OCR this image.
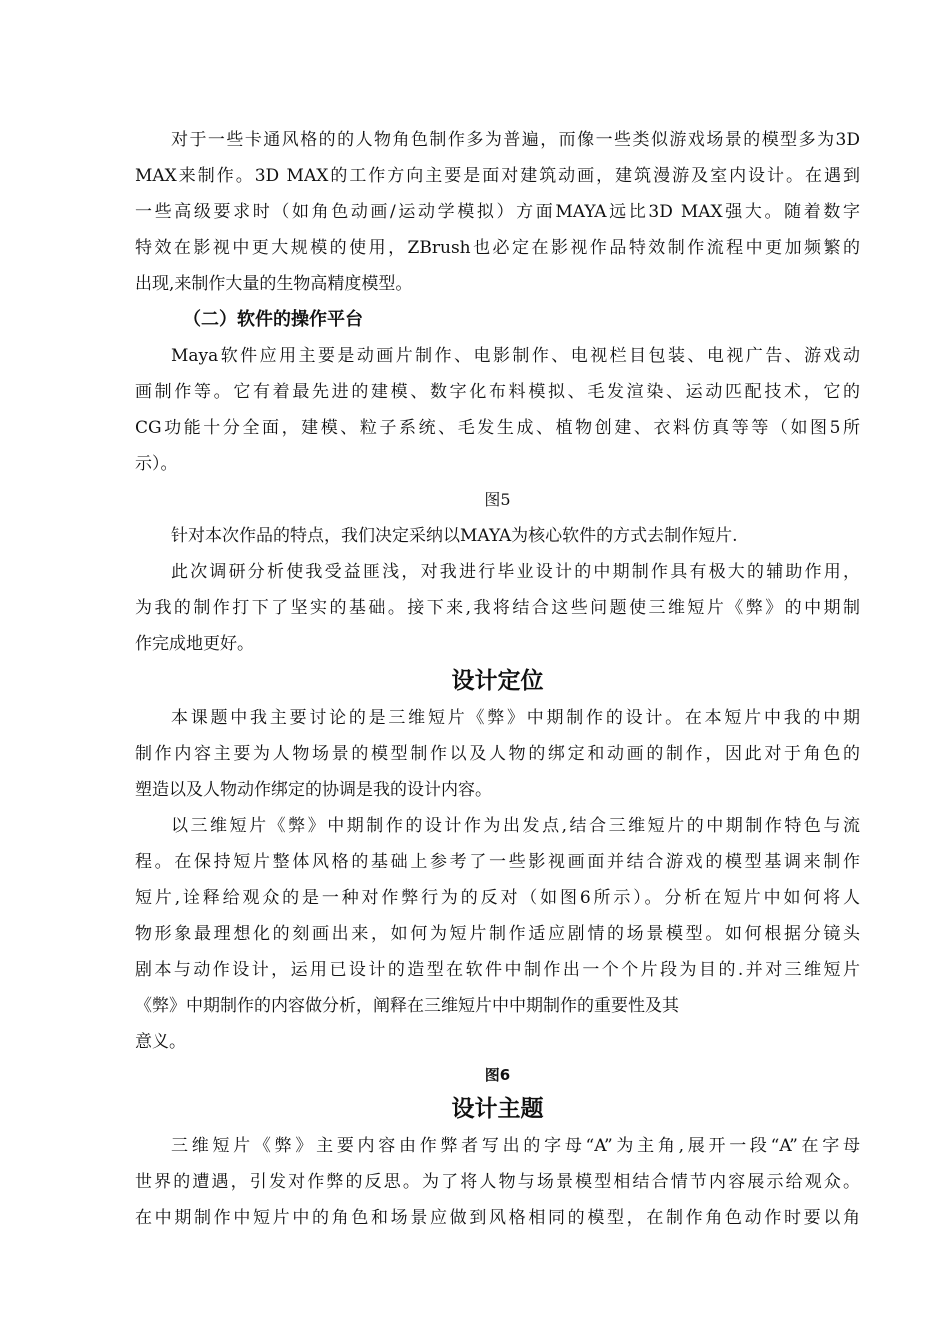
对于一些卡通风格的的人物角色制作多为普遍，而像一些类似游戏场景的模型多为3D
MAX来制作。3D MAX的工作方向主要是面对建筑动画，建筑漫游及室内设计。在遇到
一些高级要求时（如角色动画/运动学模拟）方面MAYA远比3D MAX强大。随着数字
特效在影视中更大规模的使用，ZBrush也必定在影视作品特效制作流程中更加频繁的
出现,来制作大量的生物高精度模型。
（二）软件的操作平台
Maya软件应用主要是动画片制作、电影制作、电视栏目包装、电视广告、游戏动
画制作等。它有着最先进的建模、数字化布料模拟、毛发渲染、运动匹配技术，它的
CG功能十分全面，建模、粒子系统、毛发生成、植物创建、衣料仿真等等（如图5所
示）。
图5
针对本次作品的特点，我们决定采纳以MAYA为核心软件的方式去制作短片.
此次调研分析使我受益匪浅，对我进行毕业设计的中期制作具有极大的辅助作用，
为我的制作打下了坚实的基础。接下来,我将结合这些问题使三维短片《弊》的中期制
作完成地更好。
设计定位
本课题中我主要讨论的是三维短片《弊》中期制作的设计。在本短片中我的中期
制作内容主要为人物场景的模型制作以及人物的绑定和动画的制作，因此对于角色的
塑造以及人物动作绑定的协调是我的设计内容。
以三维短片《弊》中期制作的设计作为出发点,结合三维短片的中期制作特色与流
程。在保持短片整体风格的基础上参考了一些影视画面并结合游戏的模型基调来制作
短片,诠释给观众的是一种对作弊行为的反对（如图6所示）。分析在短片中如何将人
物形象最理想化的刻画出来，如何为短片制作适应剧情的场景模型。如何根据分镜头
剧本与动作设计，运用已设计的造型在软件中制作出一个个片段为目的.并对三维短片
《弊》中期制作的内容做分析，阐释在三维短片中中期制作的重要性及其
意义。
图6
设计主题
三维短片《弊》主要内容由作弊者写出的字母“A”为主角,展开一段“A”在字母
世界的遭遇，引发对作弊的反思。为了将人物与场景模型相结合情节内容展示给观众。
在中期制作中短片中的角色和场景应做到风格相同的模型，在制作角色动作时要以角
